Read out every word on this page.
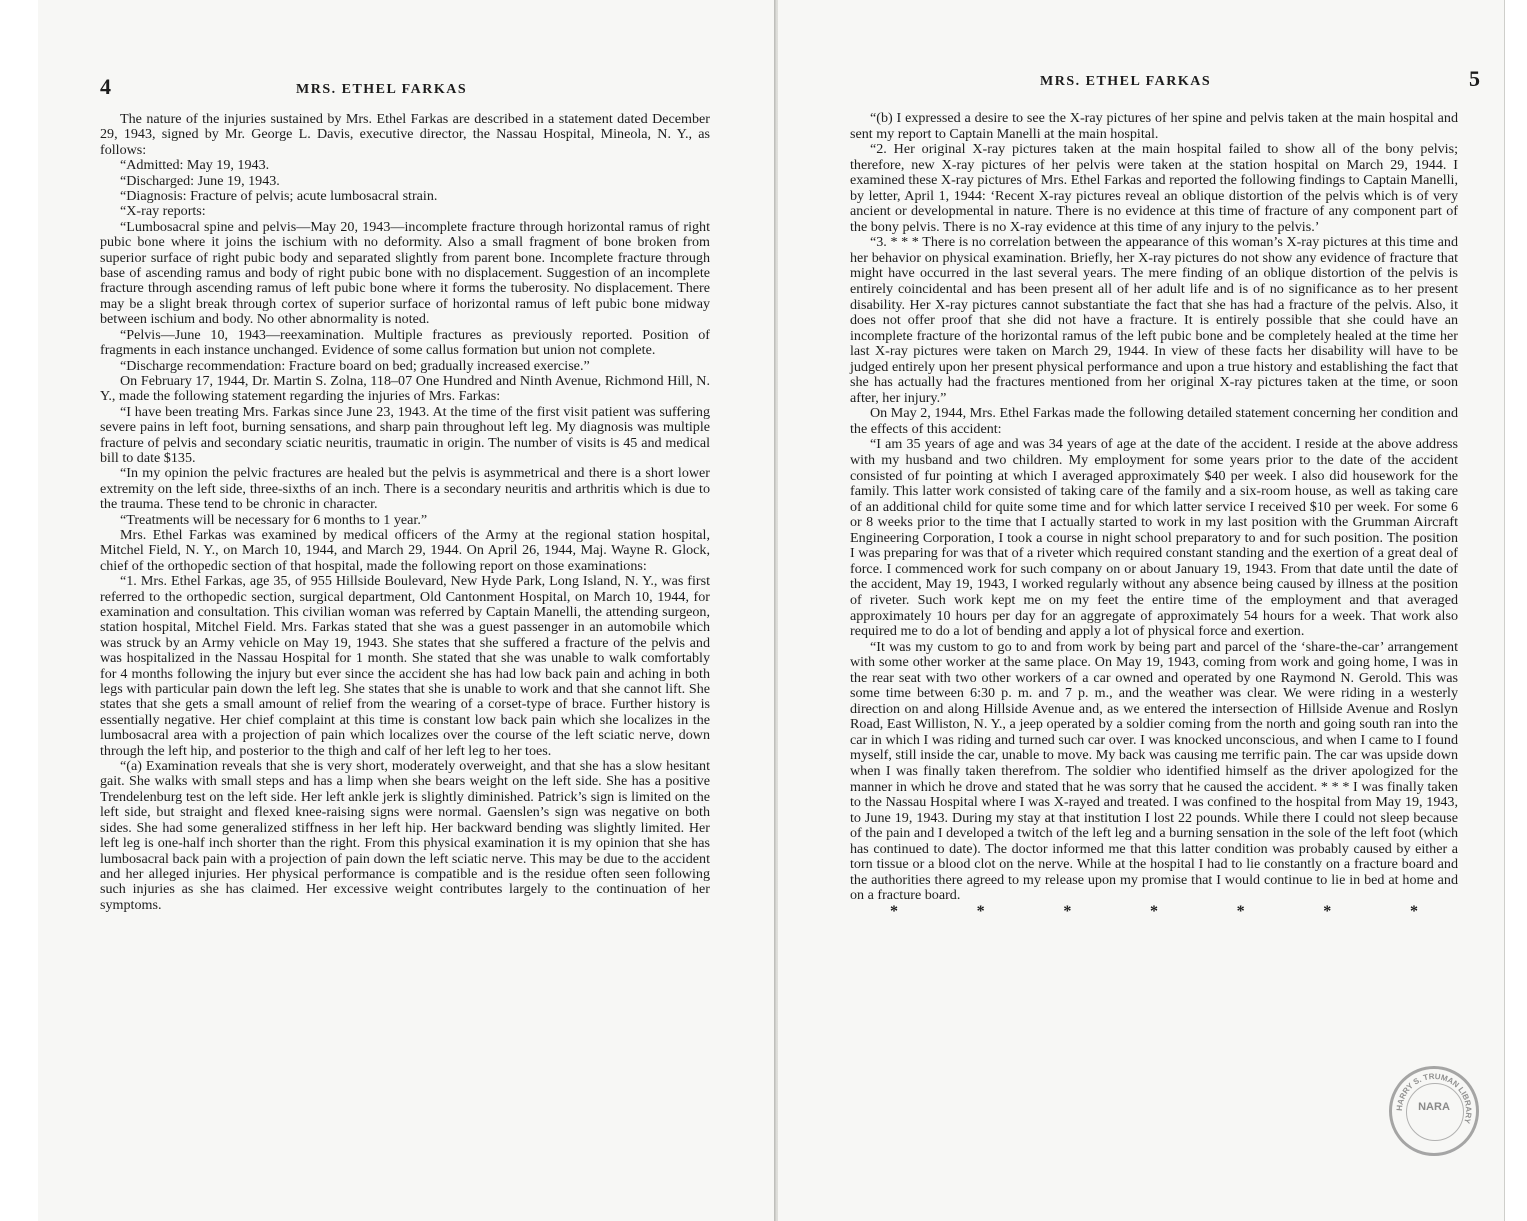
4	MRS. ETHEL FARKAS

The nature of the injuries sustained by Mrs. Ethel Farkas are described in a statement dated December 29, 1943, signed by Mr. George L. Davis, executive director, the Nassau Hospital, Mineola, N. Y., as follows:

“Admitted: May 19, 1943.

“Discharged: June 19, 1943.

“Diagnosis: Fracture of pelvis; acute lumbosacral strain.

“X-ray reports:

“Lumbosacral spine and pelvis—May 20, 1943—incomplete fracture through horizontal ramus of right pubic bone where it joins the ischium with no deformity. Also a small fragment of bone broken from superior surface of right pubic body and separated slightly from parent bone. Incomplete fracture through base of ascending ramus and body of right pubic bone with no displacement. Suggestion of an incomplete fracture through ascending ramus of left pubic bone where it forms the tuberosity. No displacement. There may be a slight break through cortex of superior surface of horizontal ramus of left pubic bone midway between ischium and body. No other abnormality is noted.

“Pelvis—June 10, 1943—reexamination. Multiple fractures as previously reported. Position of fragments in each instance unchanged. Evidence of some callus formation but union not complete.

“Discharge recommendation: Fracture board on bed; gradually increased exercise.”

On February 17, 1944, Dr. Martin S. Zolna, 118–07 One Hundred and Ninth Avenue, Richmond Hill, N. Y., made the following statement regarding the injuries of Mrs. Farkas:

“I have been treating Mrs. Farkas since June 23, 1943. At the time of the first visit patient was suffering severe pains in left foot, burning sensations, and sharp pain throughout left leg. My diagnosis was multiple fracture of pelvis and secondary sciatic neuritis, traumatic in origin. The number of visits is 45 and medical bill to date $135.

“In my opinion the pelvic fractures are healed but the pelvis is asymmetrical and there is a short lower extremity on the left side, three-sixths of an inch. There is a secondary neuritis and arthritis which is due to the trauma. These tend to be chronic in character.

“Treatments will be necessary for 6 months to 1 year.”

Mrs. Ethel Farkas was examined by medical officers of the Army at the regional station hospital, Mitchel Field, N. Y., on March 10, 1944, and March 29, 1944. On April 26, 1944, Maj. Wayne R. Glock, chief of the orthopedic section of that hospital, made the following report on those examinations:

“1. Mrs. Ethel Farkas, age 35, of 955 Hillside Boulevard, New Hyde Park, Long Island, N. Y., was first referred to the orthopedic section, surgical department, Old Cantonment Hospital, on March 10, 1944, for examination and consultation. This civilian woman was referred by Captain Manelli, the attending surgeon, station hospital, Mitchel Field. Mrs. Farkas stated that she was a guest passenger in an automobile which was struck by an Army vehicle on May 19, 1943. She states that she suffered a fracture of the pelvis and was hospitalized in the Nassau Hospital for 1 month. She stated that she was unable to walk comfortably for 4 months following the injury but ever since the accident she has had low back pain and aching in both legs with particular pain down the left leg. She states that she is unable to work and that she cannot lift. She states that she gets a small amount of relief from the wearing of a corset-type of brace. Further history is essentially negative. Her chief complaint at this time is constant low back pain which she localizes in the lumbosacral area with a projection of pain which localizes over the course of the left sciatic nerve, down through the left hip, and posterior to the thigh and calf of her left leg to her toes.

“(a) Examination reveals that she is very short, moderately overweight, and that she has a slow hesitant gait. She walks with small steps and has a limp when she bears weight on the left side. She has a positive Trendelenburg test on the left side. Her left ankle jerk is slightly diminished. Patrick’s sign is limited on the left side, but straight and flexed knee-raising signs were normal. Gaenslen’s sign was negative on both sides. She had some generalized stiffness in her left hip. Her backward bending was slightly limited. Her left leg is one-half inch shorter than the right. From this physical examination it is my opinion that she has lumbosacral back pain with a projection of pain down the left sciatic nerve. This may be due to the accident and her alleged injuries. Her physical performance is compatible and is the residue often seen following such injuries as she has claimed. Her excessive weight contributes largely to the continuation of her symptoms.

MRS. ETHEL FARKAS	5

“(b) I expressed a desire to see the X-ray pictures of her spine and pelvis taken at the main hospital and sent my report to Captain Manelli at the main hospital.

“2. Her original X-ray pictures taken at the main hospital failed to show all of the bony pelvis; therefore, new X-ray pictures of her pelvis were taken at the station hospital on March 29, 1944. I examined these X-ray pictures of Mrs. Ethel Farkas and reported the following findings to Captain Manelli, by letter, April 1, 1944: ‘Recent X-ray pictures reveal an oblique distortion of the pelvis which is of very ancient or developmental in nature. There is no evidence at this time of fracture of any component part of the bony pelvis. There is no X-ray evidence at this time of any injury to the pelvis.’

“3. * * * There is no correlation between the appearance of this woman’s X-ray pictures at this time and her behavior on physical examination. Briefly, her X-ray pictures do not show any evidence of fracture that might have occurred in the last several years. The mere finding of an oblique distortion of the pelvis is entirely coincidental and has been present all of her adult life and is of no significance as to her present disability. Her X-ray pictures cannot substantiate the fact that she has had a fracture of the pelvis. Also, it does not offer proof that she did not have a fracture. It is entirely possible that she could have an incomplete fracture of the horizontal ramus of the left pubic bone and be completely healed at the time her last X-ray pictures were taken on March 29, 1944. In view of these facts her disability will have to be judged entirely upon her present physical performance and upon a true history and establishing the fact that she has actually had the fractures mentioned from her original X-ray pictures taken at the time, or soon after, her injury.”

On May 2, 1944, Mrs. Ethel Farkas made the following detailed statement concerning her condition and the effects of this accident:

“I am 35 years of age and was 34 years of age at the date of the accident. I reside at the above address with my husband and two children. My employment for some years prior to the date of the accident consisted of fur pointing at which I averaged approximately $40 per week. I also did housework for the family. This latter work consisted of taking care of the family and a six-room house, as well as taking care of an additional child for quite some time and for which latter service I received $10 per week. For some 6 or 8 weeks prior to the time that I actually started to work in my last position with the Grumman Aircraft Engineering Corporation, I took a course in night school preparatory to and for such position. The position I was preparing for was that of a riveter which required constant standing and the exertion of a great deal of force. I commenced work for such company on or about January 19, 1943. From that date until the date of the accident, May 19, 1943, I worked regularly without any absence being caused by illness at the position of riveter. Such work kept me on my feet the entire time of the employment and that averaged approximately 10 hours per day for an aggregate of approximately 54 hours for a week. That work also required me to do a lot of bending and apply a lot of physical force and exertion.

“It was my custom to go to and from work by being part and parcel of the ‘share-the-car’ arrangement with some other worker at the same place. On May 19, 1943, coming from work and going home, I was in the rear seat with two other workers of a car owned and operated by one Raymond N. Gerold. This was some time between 6:30 p. m. and 7 p. m., and the weather was clear. We were riding in a westerly direction on and along Hillside Avenue and, as we entered the intersection of Hillside Avenue and Roslyn Road, East Williston, N. Y., a jeep operated by a soldier coming from the north and going south ran into the car in which I was riding and turned such car over. I was knocked unconscious, and when I came to I found myself, still inside the car, unable to move. My back was causing me terrific pain. The car was upside down when I was finally taken therefrom. The soldier who identified himself as the driver apologized for the manner in which he drove and stated that he was sorry that he caused the accident. * * * I was finally taken to the Nassau Hospital where I was X-rayed and treated. I was confined to the hospital from May 19, 1943, to June 19, 1943. During my stay at that institution I lost 22 pounds. While there I could not sleep because of the pain and I developed a twitch of the left leg and a burning sensation in the sole of the left foot (which has continued to date). The doctor informed me that this latter condition was probably caused by either a torn tissue or a blood clot on the nerve. While at the hospital I had to lie constantly on a fracture board and the authorities there agreed to my release upon my promise that I would continue to lie in bed at home and on a fracture board.

*	*	*	*	*	*	*

HARRY S. TRUMAN LIBRARY
NARA
